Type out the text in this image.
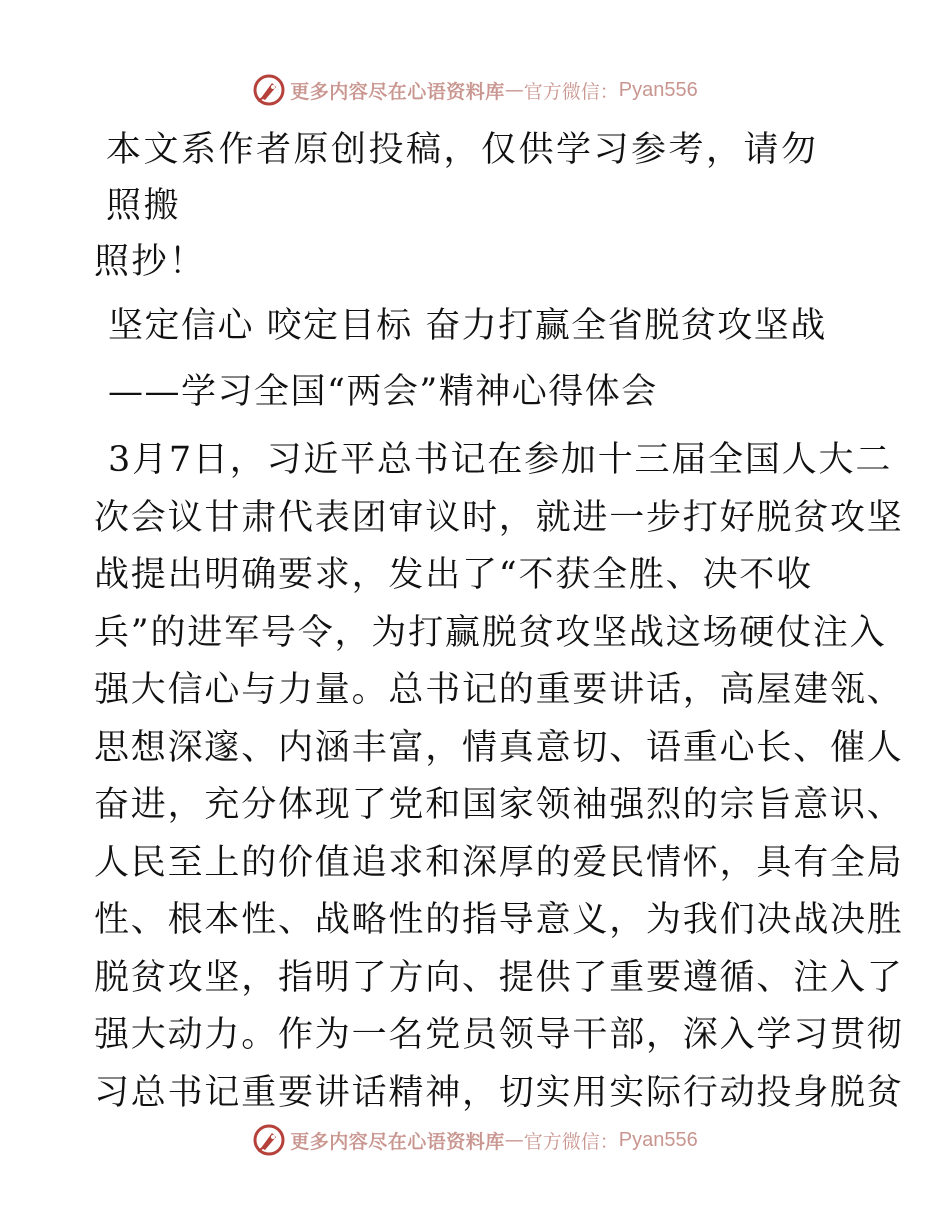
更多内容尽在心语资料库 — 官方微信： Pyan556

本文系作者原创投稿，仅供学习参考，请勿照搬
照抄！

坚定信心 咬定目标 奋力打赢全省脱贫攻坚战

——学习全国“两会”精神心得体会

3月7日，习近平总书记在参加十三届全国人大二
次会议甘肃代表团审议时，就进一步打好脱贫攻坚
战提出明确要求，发出了“不获全胜、决不收
兵”的进军号令，为打赢脱贫攻坚战这场硬仗注入
强大信心与力量。总书记的重要讲话，高屋建瓴、
思想深邃、内涵丰富，情真意切、语重心长、催人
奋进，充分体现了党和国家领袖强烈的宗旨意识、
人民至上的价值追求和深厚的爱民情怀，具有全局
性、根本性、战略性的指导意义，为我们决战决胜
脱贫攻坚，指明了方向、提供了重要遵循、注入了
强大动力。作为一名党员领导干部，深入学习贯彻
习总书记重要讲话精神，切实用实际行动投身脱贫
更多内容尽在心语资料库 — 官方微信： Pyan556
